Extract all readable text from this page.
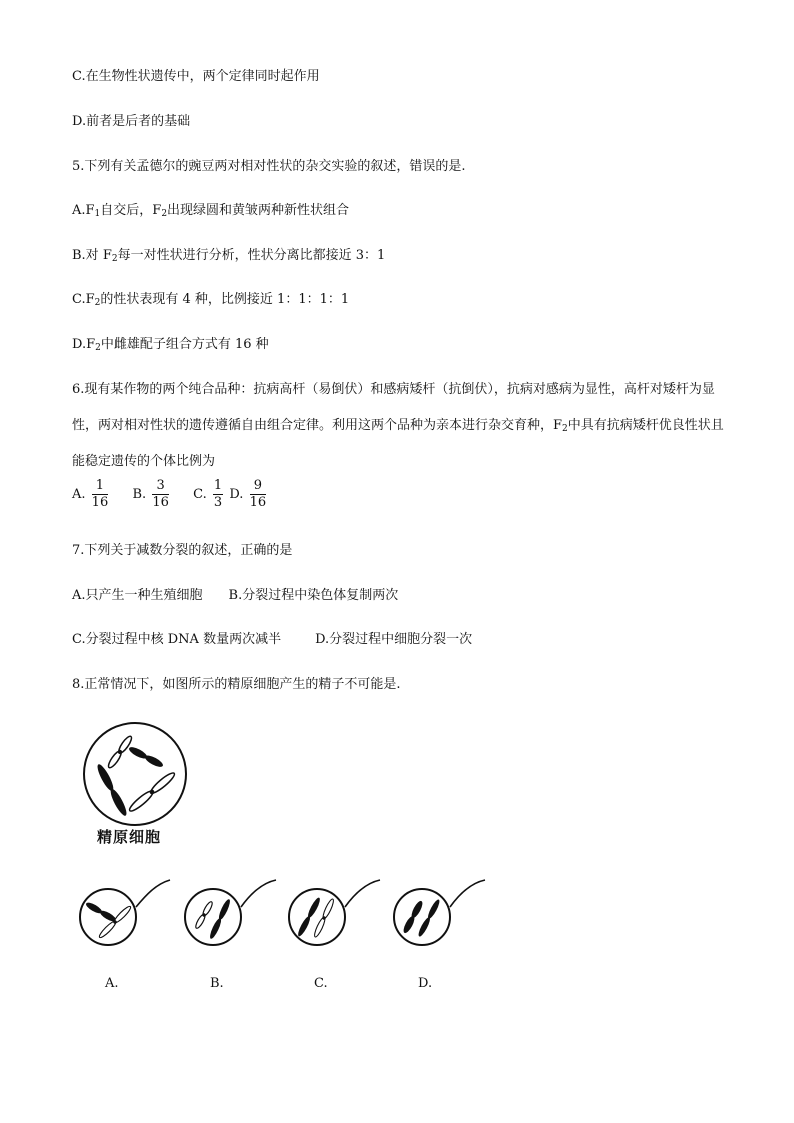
C.在生物性状遗传中，两个定律同时起作用
D.前者是后者的基础
5.下列有关孟德尔的豌豆两对相对性状的杂交实验的叙述，错误的是.
$A.F_1$自交后，$F_2$出现绿圆和黄皱两种新性状组合
B.对 $F_2$每一对性状进行分析，性状分离比都接近 3：1
$C.F_2$的性状表现有 4 种，比例接近 1：1：1：1
$D.F_2$中雌雄配子组合方式有 16 种
6.现有某作物的两个纯合品种：抗病高杆（易倒伏）和感病矮杆（抗倒伏），抗病对感病为显性，高杆对矮杆为显性，两对相对性状的遗传遵循自由组合定律。利用这两个品种为亲本进行杂交育种，$F_2$中具有抗病矮杆优良性状且能稳定遗传的个体比例为
A. $\frac{1}{16} B$. $\frac{3}{16} C$. $\frac{1}{3} D$. $\frac{9}{16}$
7.下列关于减数分裂的叙述，正确的是
A.只产生一种生殖细胞 B.分裂过程中染色体复制两次
C.分裂过程中核 DNA 数量两次减半	D.分裂过程中细胞分裂一次
8.正常情况下，如图所示的精原细胞产生的精子不可能是.
精原细胞
A.	B.	C.	D.
